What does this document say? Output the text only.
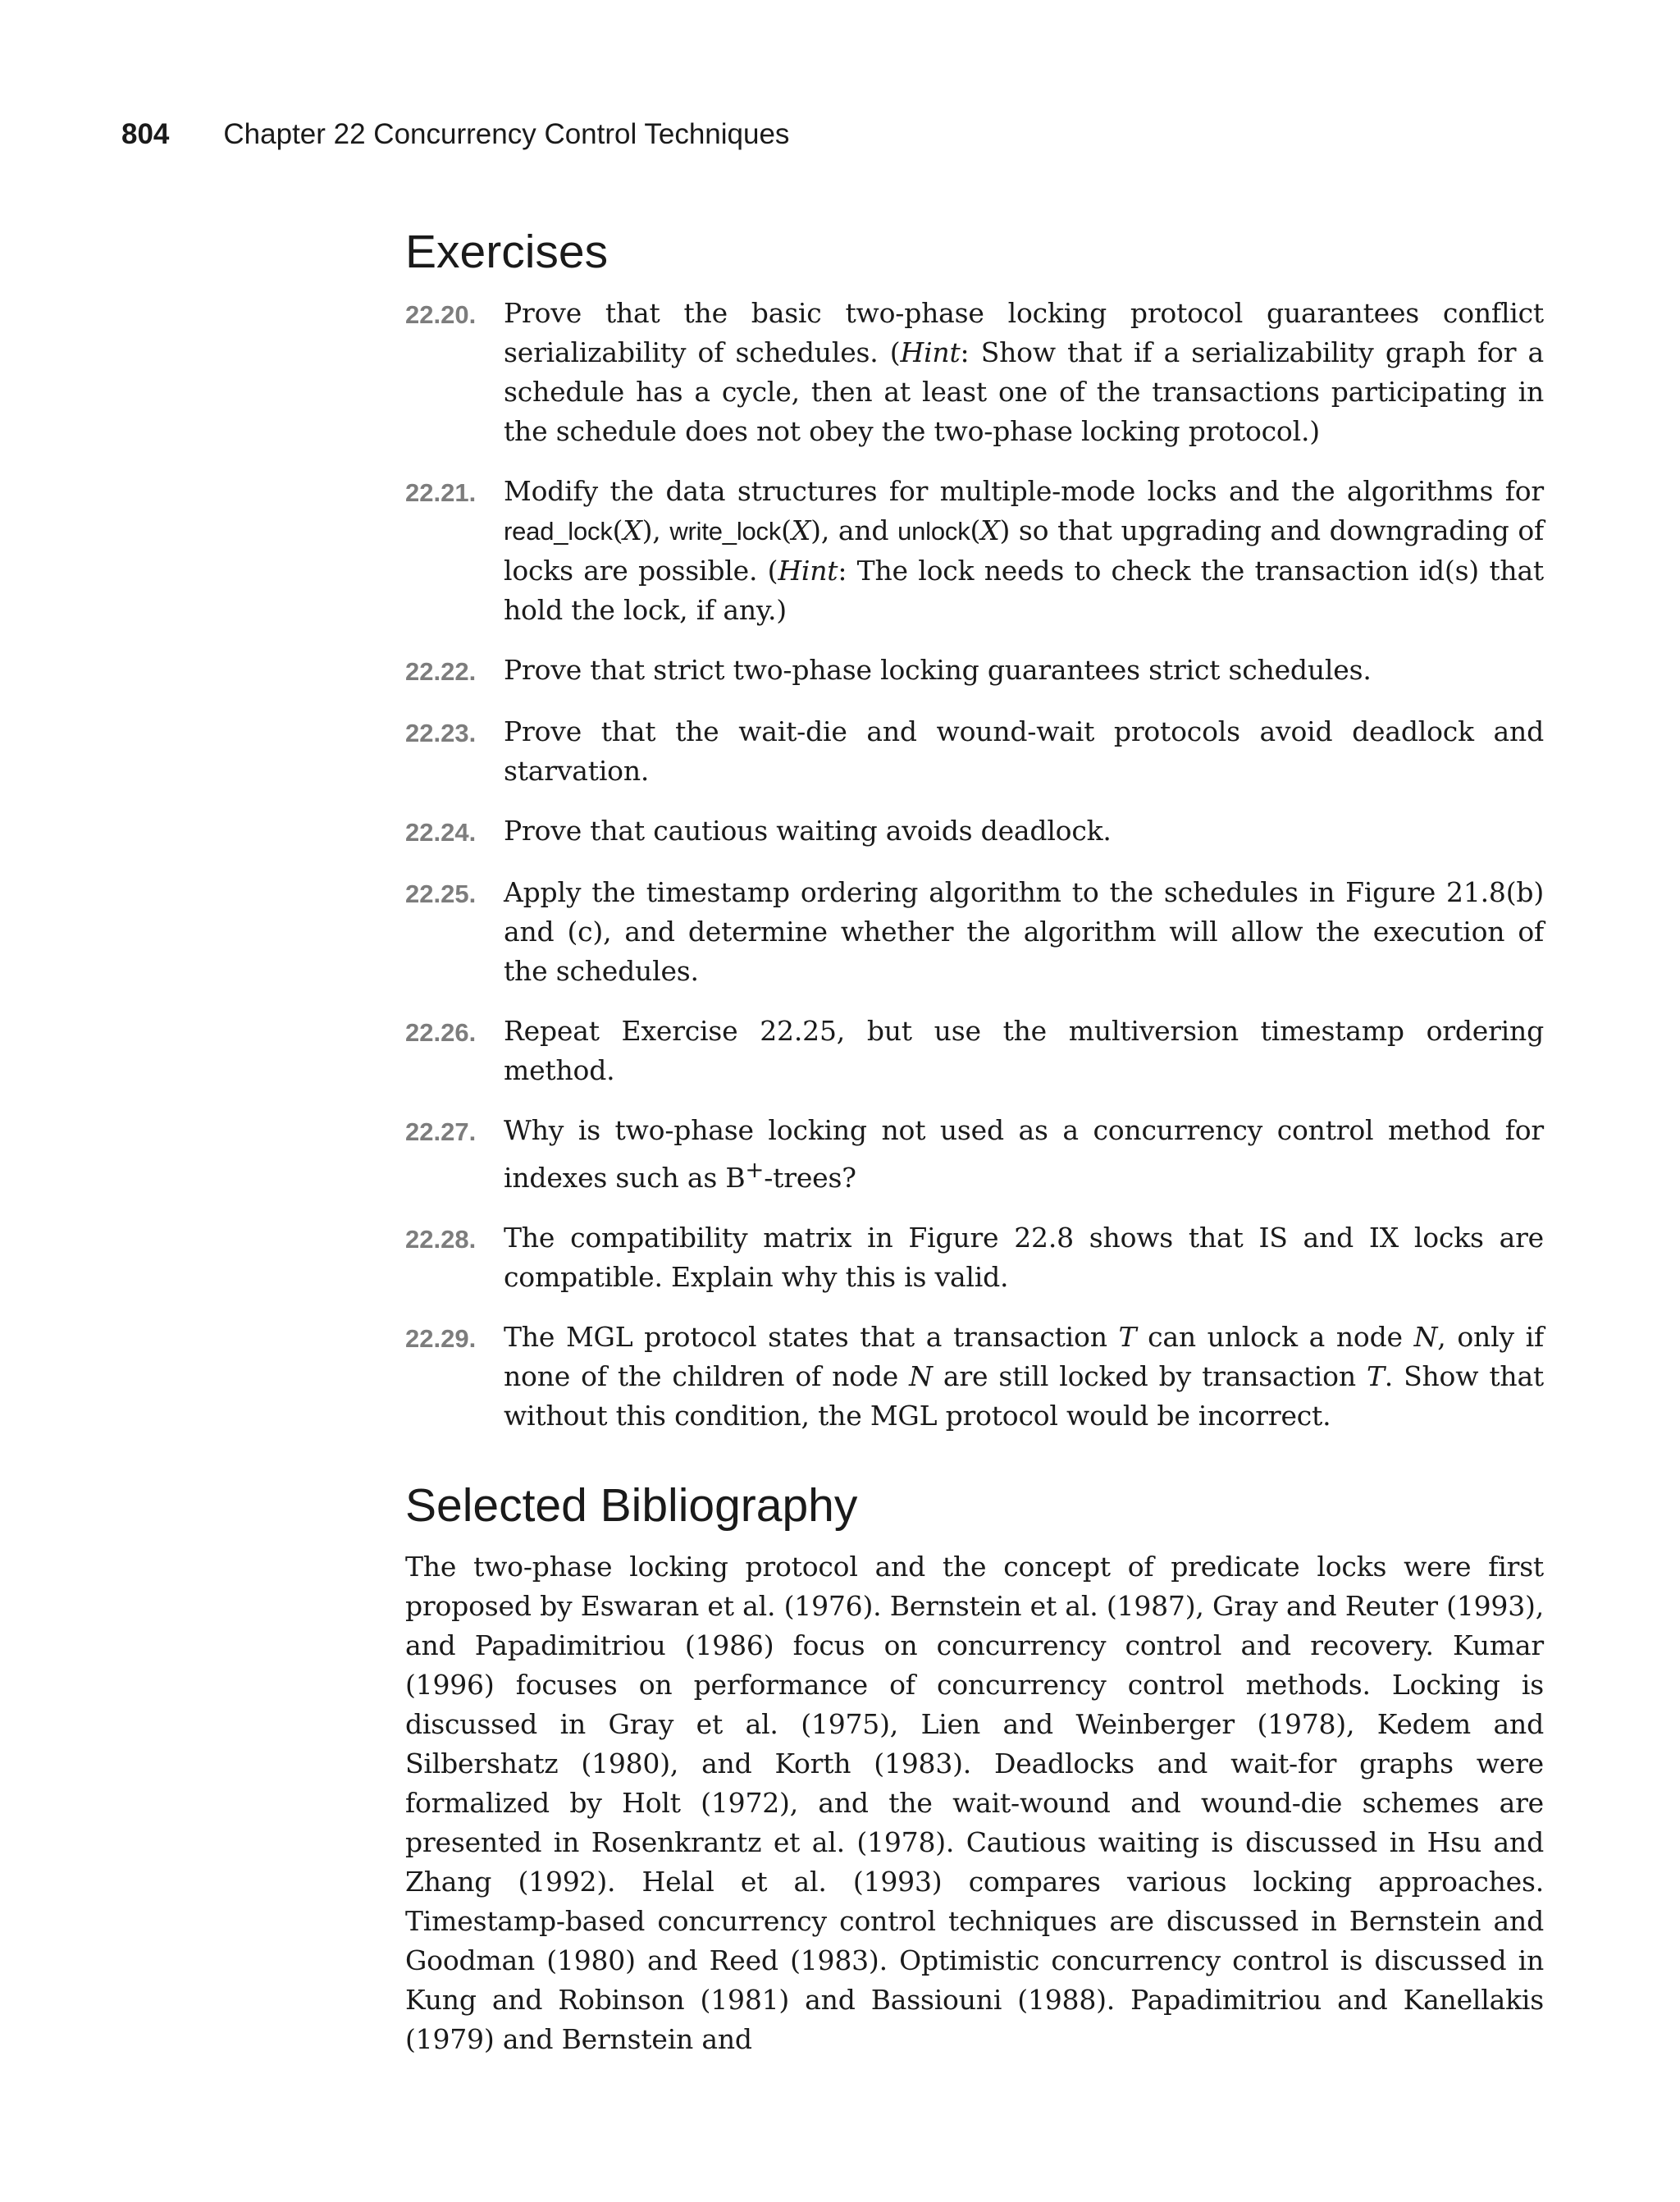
804 Chapter 22 Concurrency Control Techniques
Exercises
22.20.	Prove that the basic two-phase locking protocol guarantees conflict serializability of schedules. (Hint: Show that if a serializability graph for a schedule has a cycle, then at least one of the transactions participating in the schedule does not obey the two-phase locking protocol.)
22.21.	Modify the data structures for multiple-mode locks and the algorithms for read_lock(X), write_lock(X), and unlock(X) so that upgrading and downgrading of locks are possible. (Hint: The lock needs to check the transaction id(s) that hold the lock, if any.)
22.22.	Prove that strict two-phase locking guarantees strict schedules.
22.23.	Prove that the wait-die and wound-wait protocols avoid deadlock and starvation.
22.24.	Prove that cautious waiting avoids deadlock.
22.25.	Apply the timestamp ordering algorithm to the schedules in Figure 21.8(b) and (c), and determine whether the algorithm will allow the execution of the schedules.
22.26.	Repeat Exercise 22.25, but use the multiversion timestamp ordering method.
22.27.	Why is two-phase locking not used as a concurrency control method for indexes such as B+-trees?
22.28.	The compatibility matrix in Figure 22.8 shows that IS and IX locks are compatible. Explain why this is valid.
22.29.	The MGL protocol states that a transaction T can unlock a node N, only if none of the children of node N are still locked by transaction T. Show that without this condition, the MGL protocol would be incorrect.
Selected Bibliography

The two-phase locking protocol and the concept of predicate locks were first proposed by Eswaran et al. (1976). Bernstein et al. (1987), Gray and Reuter (1993), and Papadimitriou (1986) focus on concurrency control and recovery. Kumar (1996) focuses on performance of concurrency control methods. Locking is discussed in Gray et al. (1975), Lien and Weinberger (1978), Kedem and Silbershatz (1980), and Korth (1983). Deadlocks and wait-for graphs were formalized by Holt (1972), and the wait-wound and wound-die schemes are presented in Rosenkrantz et al. (1978). Cautious waiting is discussed in Hsu and Zhang (1992). Helal et al. (1993) compares various locking approaches. Timestamp-based concurrency control techniques are discussed in Bernstein and Goodman (1980) and Reed (1983). Optimistic concurrency control is discussed in Kung and Robinson (1981) and Bassiouni (1988). Papadimitriou and Kanellakis (1979) and Bernstein and
